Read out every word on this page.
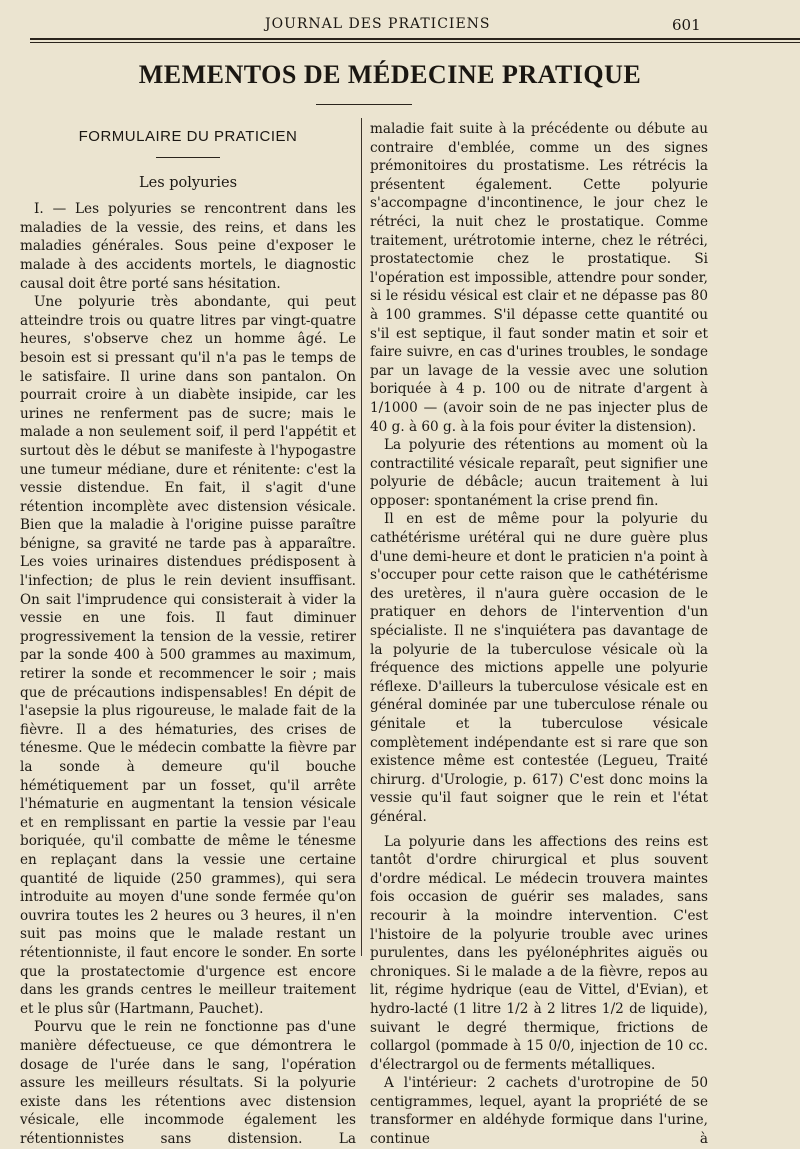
JOURNAL DES PRATICIENS	601
MEMENTOS DE MÉDECINE PRATIQUE
FORMULAIRE DU PRATICIEN
Les polyuries

I. — Les polyuries se rencontrent dans les maladies de la vessie, des reins, et dans les maladies générales. Sous peine d'exposer le malade à des accidents mortels, le diagnostic causal doit être porté sans hésitation.

Une polyurie très abondante, qui peut atteindre trois ou quatre litres par vingt-quatre heures, s'observe chez un homme âgé. Le besoin est si pressant qu'il n'a pas le temps de le satisfaire. Il urine dans son pantalon. On pourrait croire à un diabète insipide, car les urines ne renferment pas de sucre; mais le malade a non seulement soif, il perd l'appétit et surtout dès le début se manifeste à l'hypogastre une tumeur médiane, dure et rénitente: c'est la vessie distendue. En fait, il s'agit d'une rétention incomplète avec distension vésicale. Bien que la maladie à l'origine puisse paraître bénigne, sa gravité ne tarde pas à apparaître. Les voies urinaires distendues prédisposent à l'infection; de plus le rein devient insuffisant. On sait l'imprudence qui consisterait à vider la vessie en une fois. Il faut diminuer progressivement la tension de la vessie, retirer par la sonde 400 à 500 grammes au maximum, retirer la sonde et recommencer le soir ; mais que de précautions indispensables! En dépit de l'asepsie la plus rigoureuse, le malade fait de la fièvre. Il a des hématuries, des crises de ténesme. Que le médecin combatte la fièvre par la sonde à demeure qu'il bouche hémétiquement par un fosset, qu'il arrête l'hématurie en augmentant la tension vésicale et en remplissant en partie la vessie par l'eau boriquée, qu'il combatte de même le ténesme en replaçant dans la vessie une certaine quantité de liquide (250 grammes), qui sera introduite au moyen d'une sonde fermée qu'on ouvrira toutes les 2 heures ou 3 heures, il n'en suit pas moins que le malade restant un rétentionniste, il faut encore le sonder. En sorte que la prostatectomie d'urgence est encore dans les grands centres le meilleur traitement et le plus sûr (Hartmann, Pauchet).

Pourvu que le rein ne fonctionne pas d'une manière défectueuse, ce que démontrera le dosage de l'urée dans le sang, l'opération assure les meilleurs résultats. Si la polyurie existe dans les rétentions avec distension vésicale, elle incommode également les rétentionnistes sans distension. La

maladie fait suite à la précédente ou débute au contraire d'emblée, comme un des signes prémonitoires du prostatisme. Les rétrécis la présentent également. Cette polyurie s'accompagne d'incontinence, le jour chez le rétréci, la nuit chez le prostatique. Comme traitement, urétrotomie interne, chez le rétréci, prostatectomie chez le prostatique. Si l'opération est impossible, attendre pour sonder, si le résidu vésical est clair et ne dépasse pas 80 à 100 grammes. S'il dépasse cette quantité ou s'il est septique, il faut sonder matin et soir et faire suivre, en cas d'urines troubles, le sondage par un lavage de la vessie avec une solution boriquée à 4 p. 100 ou de nitrate d'argent à 1/1000 — (avoir soin de ne pas injecter plus de 40 g. à 60 g. à la fois pour éviter la distension).

La polyurie des rétentions au moment où la contractilité vésicale reparaît, peut signifier une polyurie de débâcle; aucun traitement à lui opposer: spontanément la crise prend fin.

Il en est de même pour la polyurie du cathétérisme urétéral qui ne dure guère plus d'une demi-heure et dont le praticien n'a point à s'occuper pour cette raison que le cathétérisme des uretères, il n'aura guère occasion de le pratiquer en dehors de l'intervention d'un spécialiste. Il ne s'inquiétera pas davantage de la polyurie de la tuberculose vésicale où la fréquence des mictions appelle une polyurie réflexe. D'ailleurs la tuberculose vésicale est en général dominée par une tuberculose rénale ou génitale et la tuberculose vésicale complètement indépendante est si rare que son existence même est contestée (Legueu, Traité chirurg. d'Urologie, p. 617) C'est donc moins la vessie qu'il faut soigner que le rein et l'état général.

La polyurie dans les affections des reins est tantôt d'ordre chirurgical et plus souvent d'ordre médical. Le médecin trouvera maintes fois occasion de guérir ses malades, sans recourir à la moindre intervention. C'est l'histoire de la polyurie trouble avec urines purulentes, dans les pyélonéphrites aiguës ou chroniques. Si le malade a de la fièvre, repos au lit, régime hydrique (eau de Vittel, d'Evian), et hydro-lacté (1 litre 1/2 à 2 litres 1/2 de liquide), suivant le degré thermique, frictions de collargol (pommade à 15 0/0, injection de 10 cc. d'électrargol ou de ferments métalliques.

A l'intérieur: 2 cachets d'urotropine de 50 centigrammes, lequel, ayant la propriété de se transformer en aldéhyde formique dans l'urine, continue à
